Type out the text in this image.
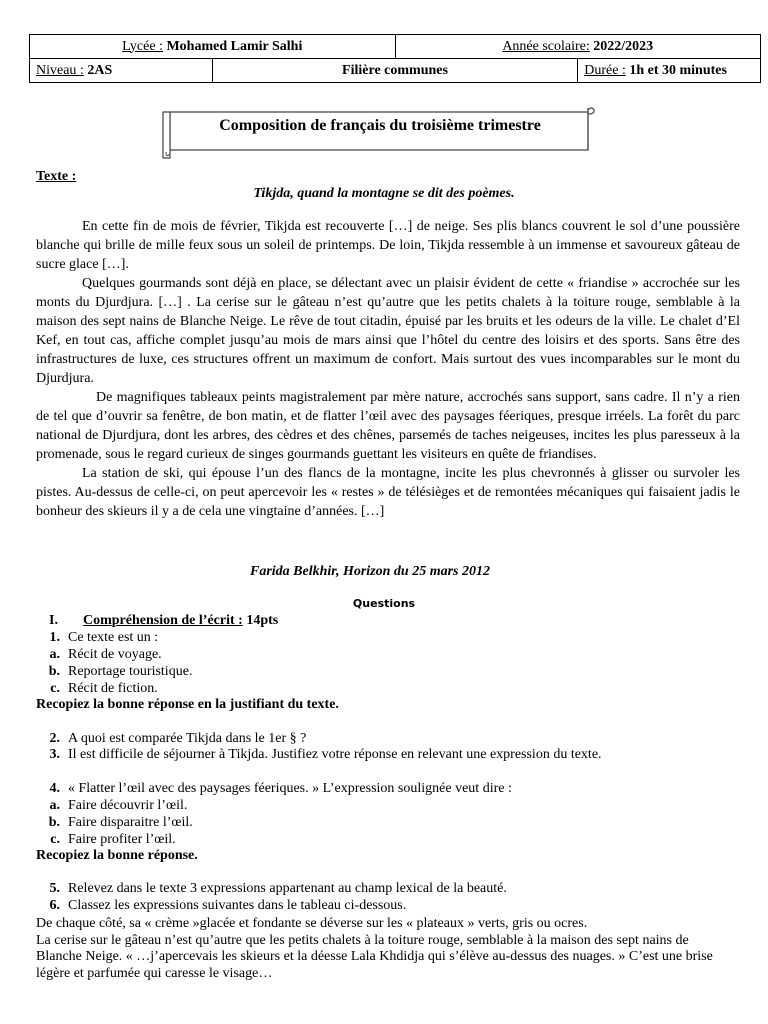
Lycée : Mohamed Lamir Salhi		Année scolaire: 2022/2023	
Niveau : 2AS	Filière communes		Durée : 1h et 30 minutes
Composition de français du troisième trimestre
Texte :
Tikjda, quand la montagne se dit des poèmes.

En cette fin de mois de février, Tikjda est recouverte […] de neige. Ses plis blancs couvrent le sol d’une poussière blanche qui brille de mille feux sous un soleil de printemps. De loin, Tikjda ressemble à un immense et savoureux gâteau de sucre glace […].

Quelques gourmands sont déjà en place, se délectant avec un plaisir évident de cette « friandise » accrochée sur les monts du Djurdjura. […] . La cerise sur le gâteau n’est qu’autre que les petits chalets à la toiture rouge, semblable à la maison des sept nains de Blanche Neige. Le rêve de tout citadin, épuisé par les bruits et les odeurs de la ville. Le chalet d’El Kef, en tout cas, affiche complet jusqu’au mois de mars ainsi que l’hôtel du centre des loisirs et des sports. Sans être des infrastructures de luxe, ces structures offrent un maximum de confort. Mais surtout des vues incomparables sur le mont du Djurdjura.

De magnifiques tableaux peints magistralement par mère nature, accrochés sans support, sans cadre. Il n’y a rien de tel que d’ouvrir sa fenêtre, de bon matin, et de flatter l’œil avec des paysages féeriques, presque irréels. La forêt du parc national de Djurdjura, dont les arbres, des cèdres et des chênes, parsemés de taches neigeuses, incites les plus paresseux à la promenade, sous le regard curieux de singes gourmands guettant les visiteurs en quête de friandises.

La station de ski, qui épouse l’un des flancs de la montagne, incite les plus chevronnés à glisser ou survoler les pistes. Au-dessus de celle-ci, on peut apercevoir les « restes » de télésièges et de remontées mécaniques qui faisaient jadis le bonheur des skieurs il y a de cela une vingtaine d’années. […]

Farida Belkhir, Horizon du 25 mars 2012
Questions
I. Compréhension de l’écrit : 14pts
1. Ce texte est un :
a. Récit de voyage.
b. Reportage touristique.
c. Récit de fiction.
Recopiez la bonne réponse en la justifiant du texte.
2. A quoi est comparée Tikjda dans le 1er § ?
3. Il est difficile de séjourner à Tikjda. Justifiez votre réponse en relevant une expression du texte.
4. « Flatter l’œil avec des paysages féeriques. » L’expression soulignée veut dire :
a. Faire découvrir l’œil.
b. Faire disparaitre l’œil.
c. Faire profiter l’œil.
Recopiez la bonne réponse.
5. Relevez dans le texte 3 expressions appartenant au champ lexical de la beauté.
6. Classez les expressions suivantes dans le tableau ci-dessous.

De chaque côté, sa « crème »glacée et fondante se déverse sur les « plateaux » verts, gris ou ocres.

La cerise sur le gâteau n’est qu’autre que les petits chalets à la toiture rouge, semblable à la maison des sept nains de Blanche Neige. « …j’apercevais les skieurs et la déesse Lala Khdidja qui s’élève au-dessus des nuages. » C’est une brise légère et parfumée qui caresse le visage…
